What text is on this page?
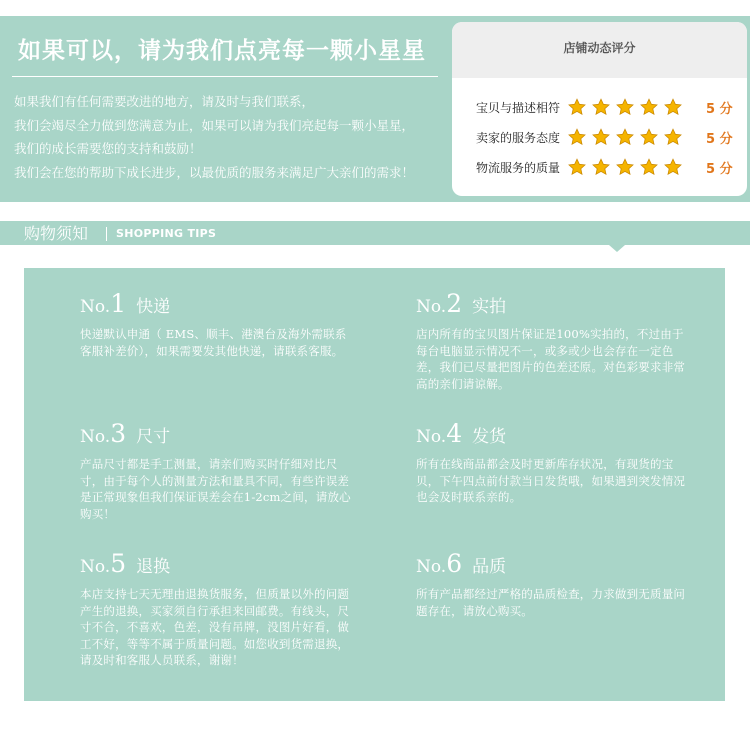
如果可以，请为我们点亮每一颗小星星
如果我们有任何需要改进的地方，请及时与我们联系，
我们会竭尽全力做到您满意为止，如果可以请为我们亮起每一颗小星星，
我们的成长需要您的支持和鼓励！
我们会在您的帮助下成长进步，以最优质的服务来满足广大亲们的需求！
店铺动态评分
宝贝与描述相符	5 分
卖家的服务态度	5 分
物流服务的质量	5 分
购物须知	SHOPPING TIPS
No.1 快递
快递默认申通（ EMS、顺丰、港澳台及海外需联系客服补差价），如果需要发其他快递，请联系客服。
No.2 实拍
店内所有的宝贝图片保证是100%实拍的，不过由于每台电脑显示情况不一，或多或少也会存在一定色差，我们已尽量把图片的色差还原。对色彩要求非常高的亲们请谅解。
No.3 尺寸
产品尺寸都是手工测量，请亲们购买时仔细对比尺寸，由于每个人的测量方法和量具不同，有些许误差是正常现象但我们保证误差会在1-2cm之间，请放心购买！
No.4 发货
所有在线商品都会及时更新库存状况，有现货的宝贝，下午四点前付款当日发货哦，如果遇到突发情况也会及时联系亲的。
No.5 退换
本店支持七天无理由退换货服务，但质量以外的问题产生的退换，买家须自行承担来回邮费。有线头，尺寸不合，不喜欢，色差，没有吊牌，没图片好看，做工不好，等等不属于质量问题。如您收到货需退换，请及时和客服人员联系，谢谢！
No.6 品质
所有产品都经过严格的品质检查，力求做到无质量问题存在，请放心购买。
